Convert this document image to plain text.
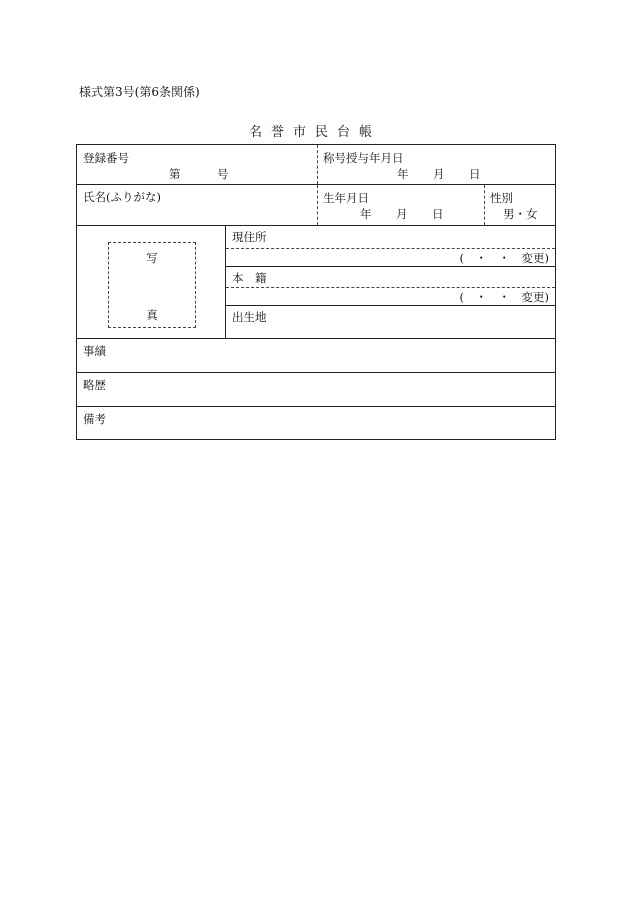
様式第3号(第6条関係)
名誉市民台帳
登録番号
第	号
称号授与年月日
年 月 日
氏名(ふりがな)	生年月日
年 月 日
性別
男・女
写
真
現住所
(　・　・　変更)
本　籍
(　・　・　変更)
出生地
事績
略歴
備考
